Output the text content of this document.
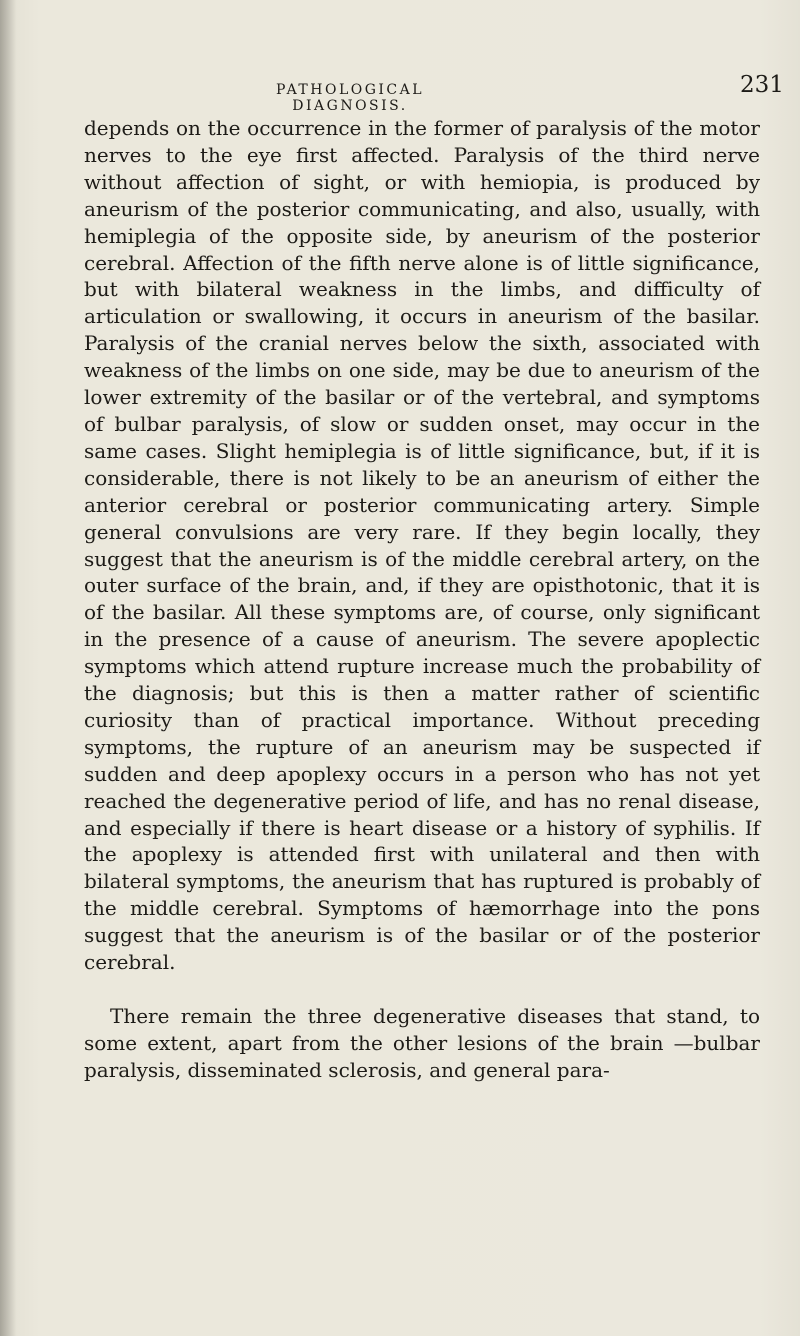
PATHOLOGICAL DIAGNOSIS.
231

depends on the occurrence in the former of paralysis of the motor nerves to the eye first affected. Paralysis of the third nerve without affection of sight, or with hemiopia, is produced by aneurism of the posterior communicating, and also, usually, with hemiplegia of the opposite side, by aneurism of the posterior cerebral. Affection of the fifth nerve alone is of little significance, but with bilateral weakness in the limbs, and difficulty of articulation or swallowing, it occurs in aneurism of the basilar. Paralysis of the cranial nerves below the sixth, associated with weakness of the limbs on one side, may be due to aneurism of the lower extremity of the basilar or of the vertebral, and symptoms of bulbar paralysis, of slow or sudden onset, may occur in the same cases. Slight hemiplegia is of little significance, but, if it is considerable, there is not likely to be an aneurism of either the anterior cerebral or posterior communicating artery. Simple general convulsions are very rare. If they begin locally, they suggest that the aneurism is of the middle cerebral artery, on the outer surface of the brain, and, if they are opisthotonic, that it is of the basilar. All these symptoms are, of course, only significant in the presence of a cause of aneurism. The severe apoplectic symptoms which attend rupture increase much the probability of the diagnosis; but this is then a matter rather of scientific curiosity than of practical importance. Without preceding symptoms, the rupture of an aneurism may be suspected if sudden and deep apoplexy occurs in a person who has not yet reached the degenerative period of life, and has no renal disease, and especially if there is heart disease or a history of syphilis. If the apoplexy is attended first with unilateral and then with bilateral symptoms, the aneurism that has ruptured is probably of the middle cerebral. Symptoms of hæmorrhage into the pons suggest that the aneurism is of the basilar or of the posterior cerebral.

There remain the three degenerative diseases that stand, to some extent, apart from the other lesions of the brain —bulbar paralysis, disseminated sclerosis, and general para-
